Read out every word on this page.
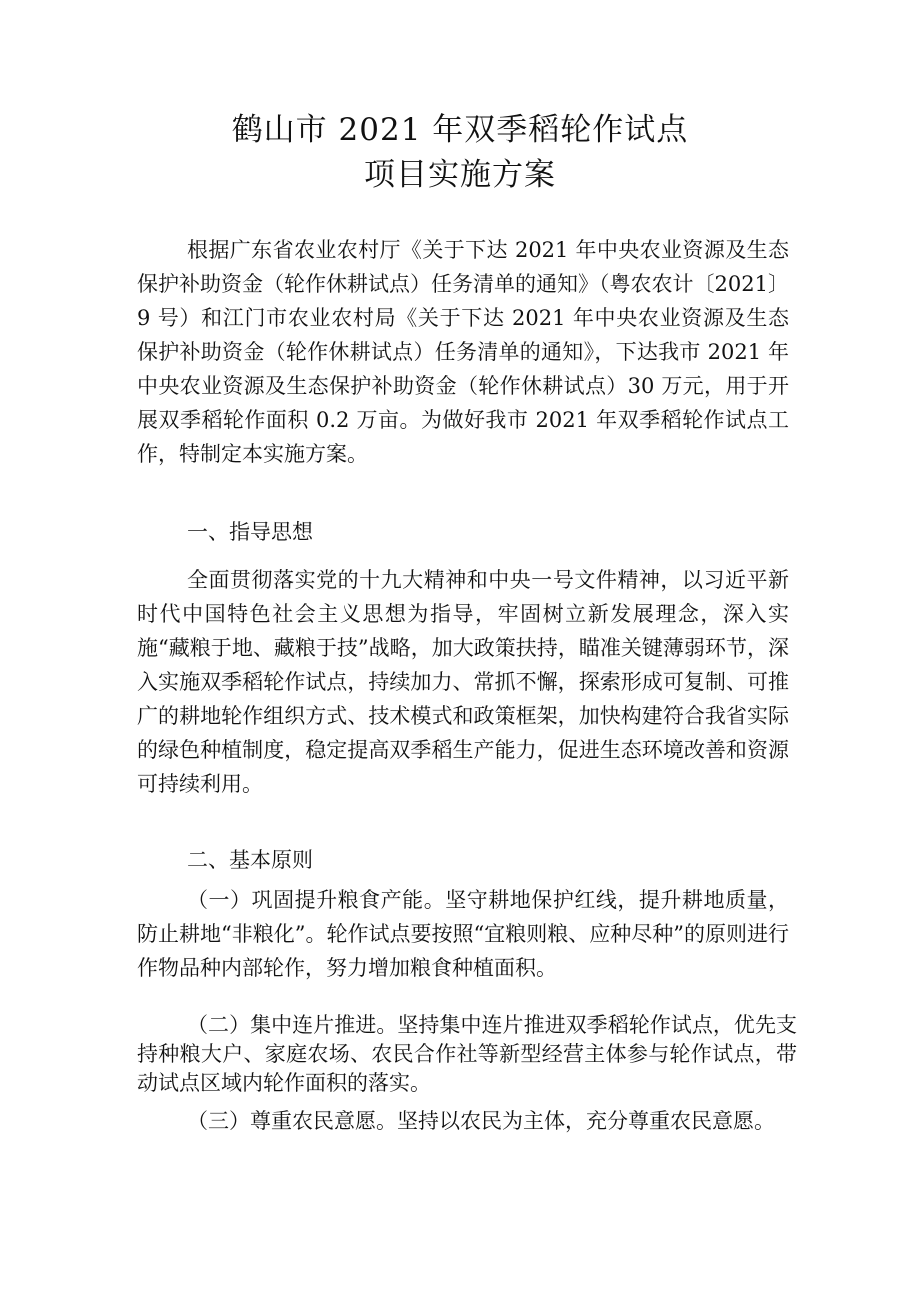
鹤山市 2021 年双季稻轮作试点
项目实施方案

根据广东省农业农村厅《关于下达 2021 年中央农业资源及生态保护补助资金（轮作休耕试点）任务清单的通知》（粤农农计〔2021〕9 号）和江门市农业农村局《关于下达 2021 年中央农业资源及生态保护补助资金（轮作休耕试点）任务清单的通知》，下达我市 2021 年中央农业资源及生态保护补助资金（轮作休耕试点）30 万元，用于开展双季稻轮作面积 0.2 万亩。为做好我市 2021 年双季稻轮作试点工作，特制定本实施方案。

一、指导思想

全面贯彻落实党的十九大精神和中央一号文件精神，以习近平新时代中国特色社会主义思想为指导，牢固树立新发展理念，深入实施“藏粮于地、藏粮于技”战略，加大政策扶持，瞄准关键薄弱环节，深入实施双季稻轮作试点，持续加力、常抓不懈，探索形成可复制、可推广的耕地轮作组织方式、技术模式和政策框架，加快构建符合我省实际的绿色种植制度，稳定提高双季稻生产能力，促进生态环境改善和资源可持续利用。

二、基本原则

（一）巩固提升粮食产能。坚守耕地保护红线，提升耕地质量，防止耕地“非粮化”。轮作试点要按照“宜粮则粮、应种尽种”的原则进行作物品种内部轮作，努力增加粮食种植面积。

（二）集中连片推进。坚持集中连片推进双季稻轮作试点，优先支持种粮大户、家庭农场、农民合作社等新型经营主体参与轮作试点，带动试点区域内轮作面积的落实。

（三）尊重农民意愿。坚持以农民为主体，充分尊重农民意愿。
